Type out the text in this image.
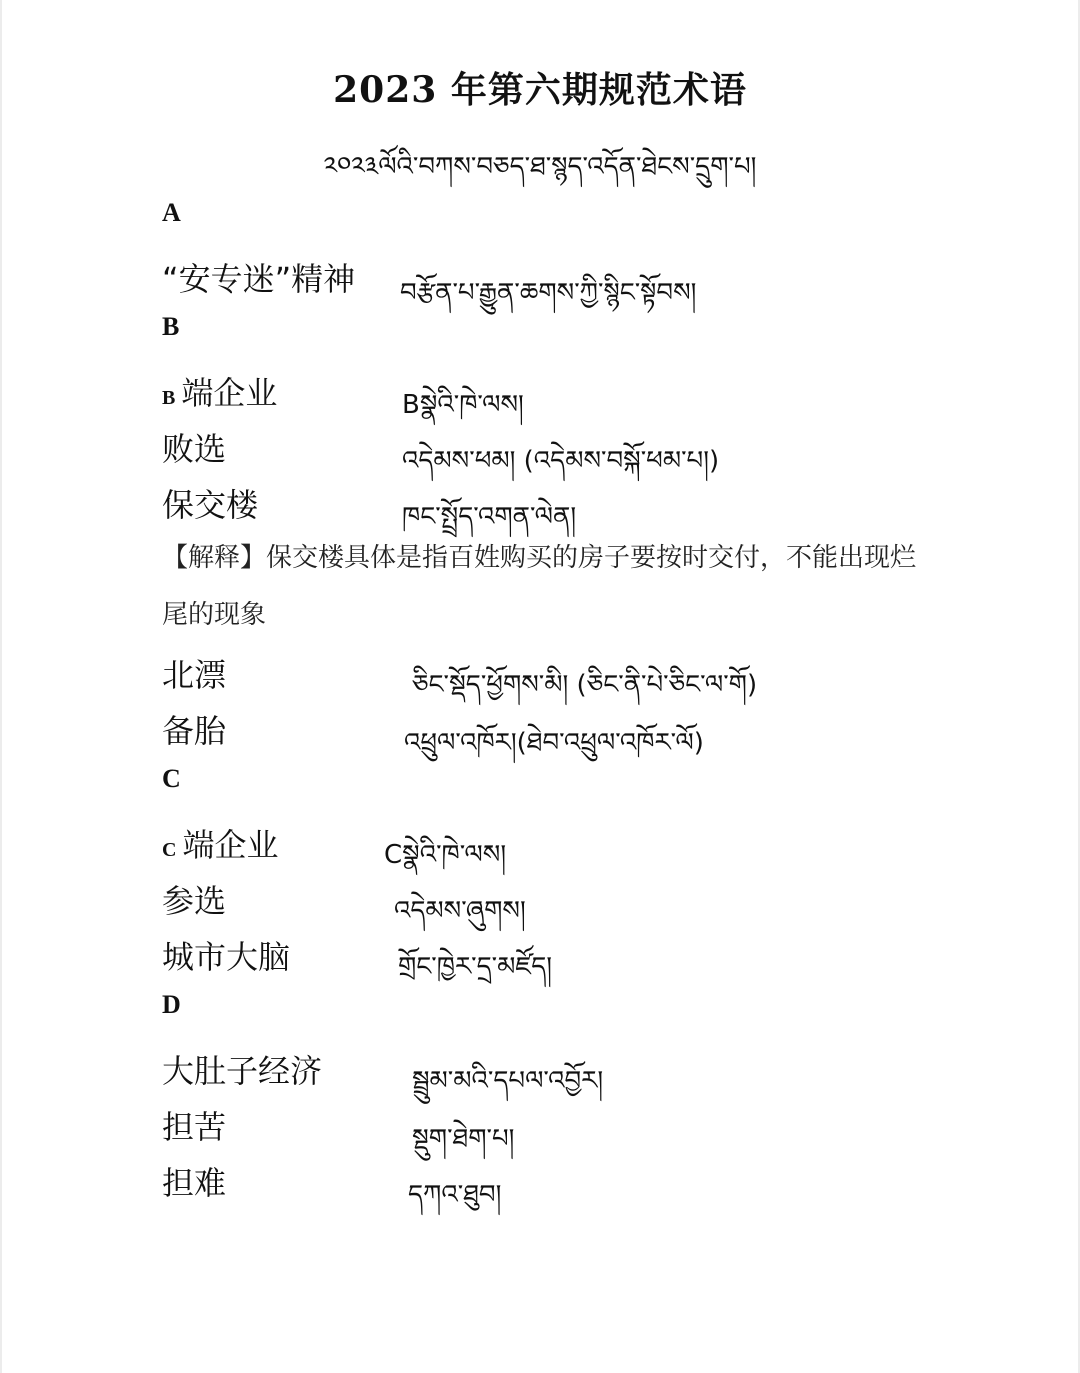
2023 年第六期规范术语
༢༠༢༣ལོའི་བཀས་བཅད་ཐ་སྙད་འདོན་ཐེངས་དྲུག་པ།
A
“安专迷”精神 བརྩོན་པ་རྒྱུན་ཆགས་ཀྱི་སྙིང་སྟོབས།
B
B 端企业	Bསྣེའི་ཁེ་ལས།
败选	འདེམས་ཕམ། (འདེམས་བསྐོ་ཕམ་པ།)
保交楼	ཁང་སྤྲོད་འགན་ལེན།
【解释】保交楼具体是指百姓购买的房子要按时交付，不能出现烂尾的现象
北漂	ཅིང་སྡོད་ཕྱོགས་མི། (ཅིང་ནི་པེ་ཅིང་ལ་གོ)
备胎	འཕྲུལ་འཁོར།(ཐེབ་འཕྲུལ་འཁོར་ལོ)
C
C 端企业	Cསྣེའི་ཁེ་ལས།
参选	འདེམས་ཞུགས།
城市大脑	གྲོང་ཁྱེར་དྲ་མཛོད།
D
大肚子经济	སྦྲུམ་མའི་དཔལ་འབྱོར།
担苦	སྡུག་ཐེག་པ།
担难	དཀའ་ཐུབ།
